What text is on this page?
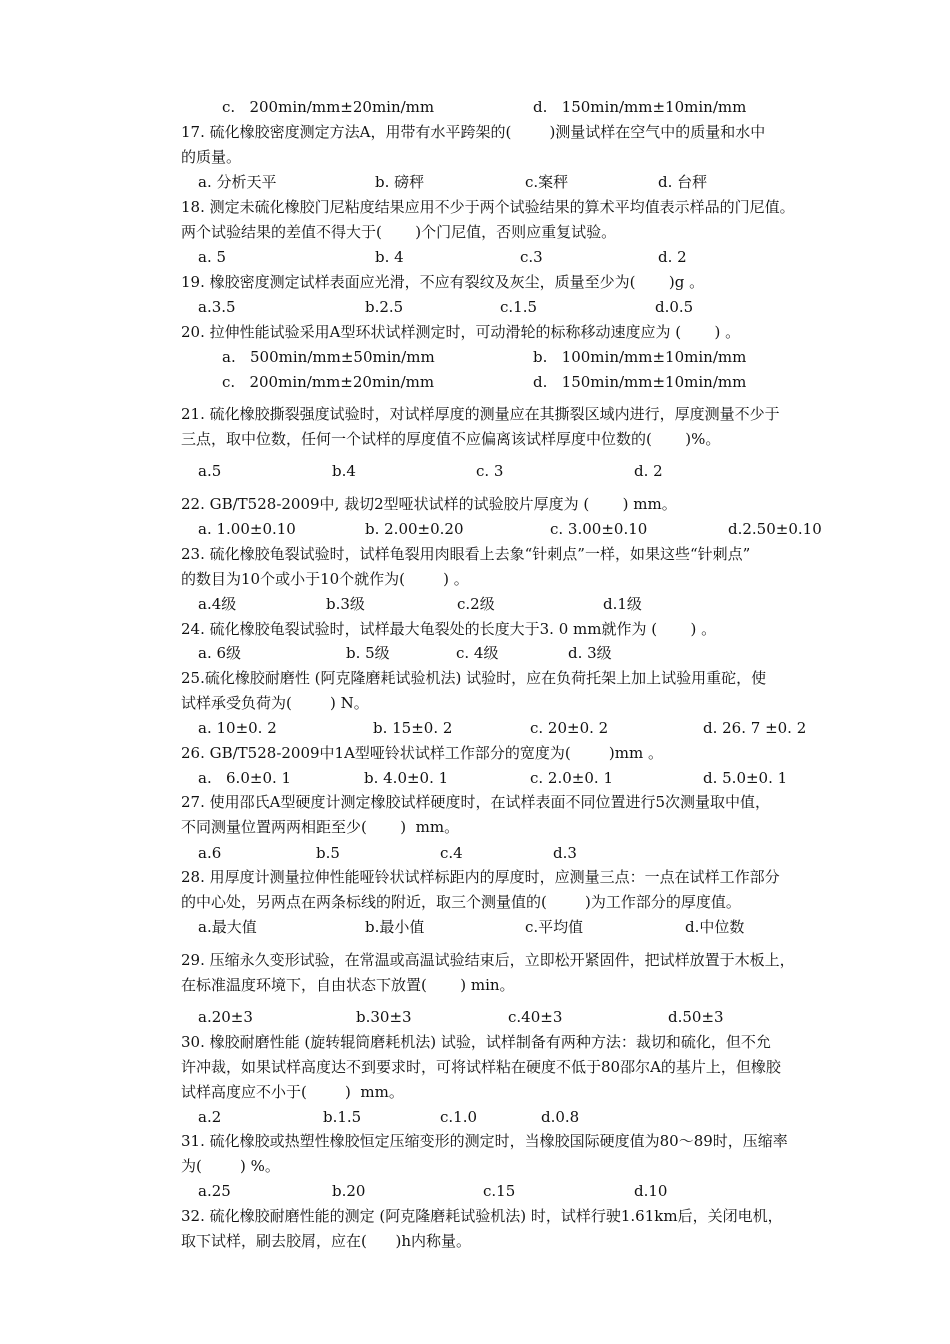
17. 硫化橡胶密度测定方法A，用带有水平跨架的(        )测量试样在空气中的质量和水中
的质量。
18. 测定未硫化橡胶门尼粘度结果应用不少于两个试验结果的算术平均值表示样品的门尼值。
两个试验结果的差值不得大于(       )个门尼值，否则应重复试验。
19. 橡胶密度测定试样表面应光滑，不应有裂纹及灰尘，质量至少为(       )g 。
20. 拉伸性能试验采用A型环状试样测定时，可动滑轮的标称移动速度应为 (       ) 。
21. 硫化橡胶撕裂强度试验时，对试样厚度的测量应在其撕裂区域内进行，厚度测量不少于
三点，取中位数，任何一个试样的厚度值不应偏离该试样厚度中位数的(       )%。
22. GB/T528-2009中, 裁切2型哑状试样的试验胶片厚度为 (       ) mm。
23. 硫化橡胶龟裂试验时，试样龟裂用肉眼看上去象“针刺点”一样，如果这些“针刺点”
的数目为10个或小于10个就作为(        ) 。
24. 硫化橡胶龟裂试验时，试样最大龟裂处的长度大于3. 0 mm就作为 (       ) 。
25.硫化橡胶耐磨性 (阿克隆磨耗试验机法) 试验时，应在负荷托架上加上试验用重砣，使
试样承受负荷为(        ) N。
26. GB/T528-2009中1A型哑铃状试样工作部分的宽度为(        )mm 。
27. 使用邵氏A型硬度计测定橡胶试样硬度时，在试样表面不同位置进行5次测量取中值，
不同测量位置两两相距至少(       )  mm。
28. 用厚度计测量拉伸性能哑铃状试样标距内的厚度时，应测量三点：一点在试样工作部分
的中心处，另两点在两条标线的附近，取三个测量值的(        )为工作部分的厚度值。
29. 压缩永久变形试验，在常温或高温试验结束后，立即松开紧固件，把试样放置于木板上，
在标准温度环境下，自由状态下放置(       ) min。
30. 橡胶耐磨性能 (旋转辊筒磨耗机法) 试验，试样制备有两种方法：裁切和硫化，但不允
许冲裁，如果试样高度达不到要求时，可将试样粘在硬度不低于80邵尔A的基片上，但橡胶
试样高度应不小于(        )  mm。
31. 硫化橡胶或热塑性橡胶恒定压缩变形的测定时，当橡胶国际硬度值为80～89时，压缩率
为(        ) %。
32. 硫化橡胶耐磨性能的测定 (阿克隆磨耗试验机法) 时，试样行驶1.61km后，关闭电机，
取下试样，刷去胶屑，应在(      )h内称量。
c.   200min/mm±20min/mm	d.   150min/mm±10min/mm
a. 分析天平	b. 磅秤	c.案秤	d. 台秤
a. 5	b. 4	c.3	d. 2
a.3.5	b.2.5	c.1.5	d.0.5
a.   500min/mm±50min/mm	b.   100min/mm±10min/mm
c.   200min/mm±20min/mm	d.   150min/mm±10min/mm
a.5	b.4	c. 3	d. 2
a. 1.00±0.10	b. 2.00±0.20	c. 3.00±0.10	d.2.50±0.10
a.4级	b.3级	c.2级	d.1级
a. 6级	b. 5级	c. 4级	d. 3级
a. 10±0. 2	b. 15±0. 2	c. 20±0. 2	d. 26. 7 ±0. 2
a.   6.0±0. 1	b. 4.0±0. 1	c. 2.0±0. 1	d. 5.0±0. 1
a.6	b.5	c.4	d.3
a.最大值	b.最小值	c.平均值	d.中位数
a.20±3	b.30±3	c.40±3	d.50±3
a.2	b.1.5	c.1.0	d.0.8
a.25	b.20	c.15	d.10
